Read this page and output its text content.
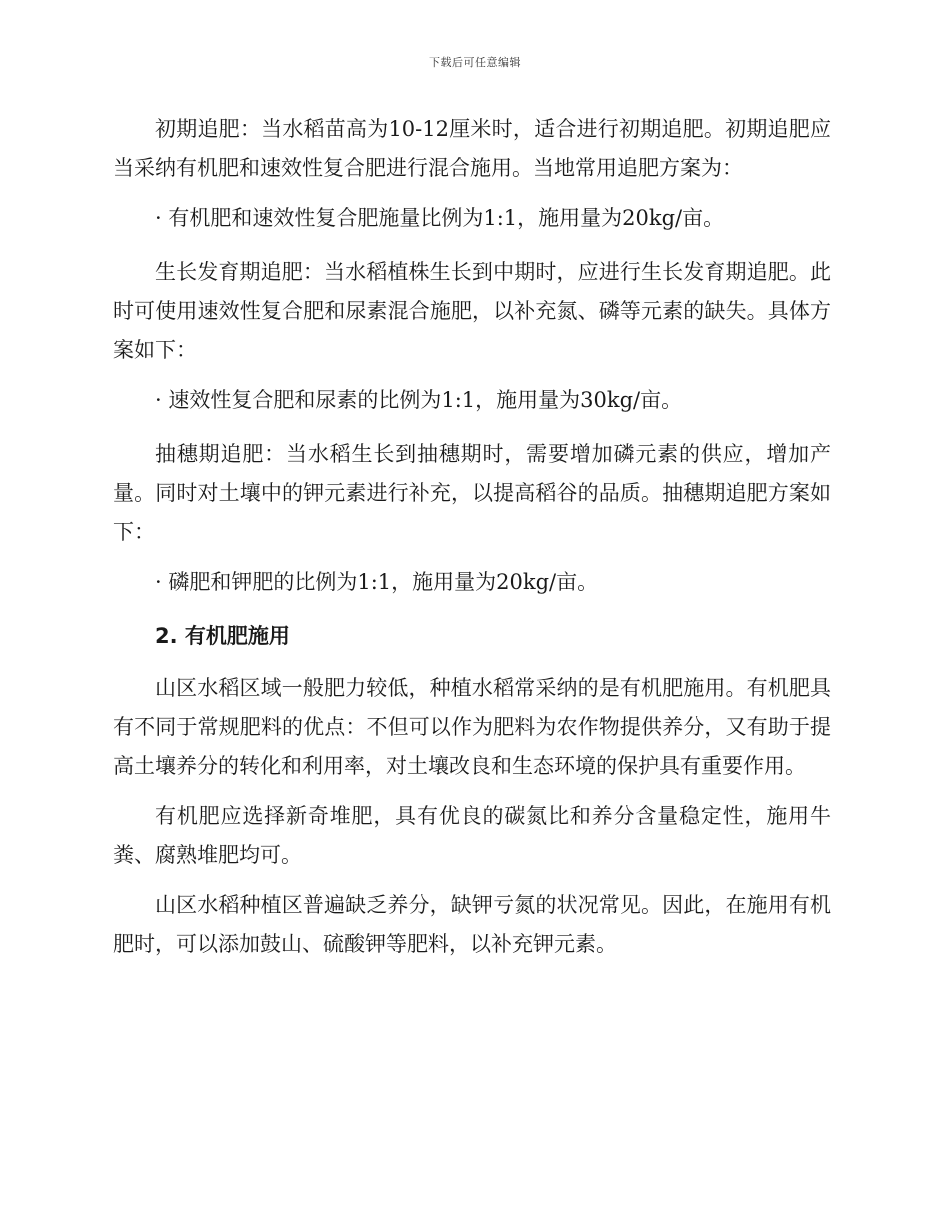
下载后可任意编辑

初期追肥：当水稻苗高为10-12厘米时，适合进行初期追肥。初期追肥应当采纳有机肥和速效性复合肥进行混合施用。当地常用追肥方案为：

· 有机肥和速效性复合肥施量比例为1:1，施用量为20kg/亩。

生长发育期追肥：当水稻植株生长到中期时，应进行生长发育期追肥。此时可使用速效性复合肥和尿素混合施肥，以补充氮、磷等元素的缺失。具体方案如下：

· 速效性复合肥和尿素的比例为1:1，施用量为30kg/亩。

抽穗期追肥：当水稻生长到抽穗期时，需要增加磷元素的供应，增加产量。同时对土壤中的钾元素进行补充，以提高稻谷的品质。抽穗期追肥方案如下：

· 磷肥和钾肥的比例为1:1，施用量为20kg/亩。

2. 有机肥施用

山区水稻区域一般肥力较低，种植水稻常采纳的是有机肥施用。有机肥具有不同于常规肥料的优点：不但可以作为肥料为农作物提供养分，又有助于提高土壤养分的转化和利用率，对土壤改良和生态环境的保护具有重要作用。

有机肥应选择新奇堆肥，具有优良的碳氮比和养分含量稳定性，施用牛粪、腐熟堆肥均可。

山区水稻种植区普遍缺乏养分，缺钾亏氮的状况常见。因此，在施用有机肥时，可以添加鼓山、硫酸钾等肥料，以补充钾元素。
